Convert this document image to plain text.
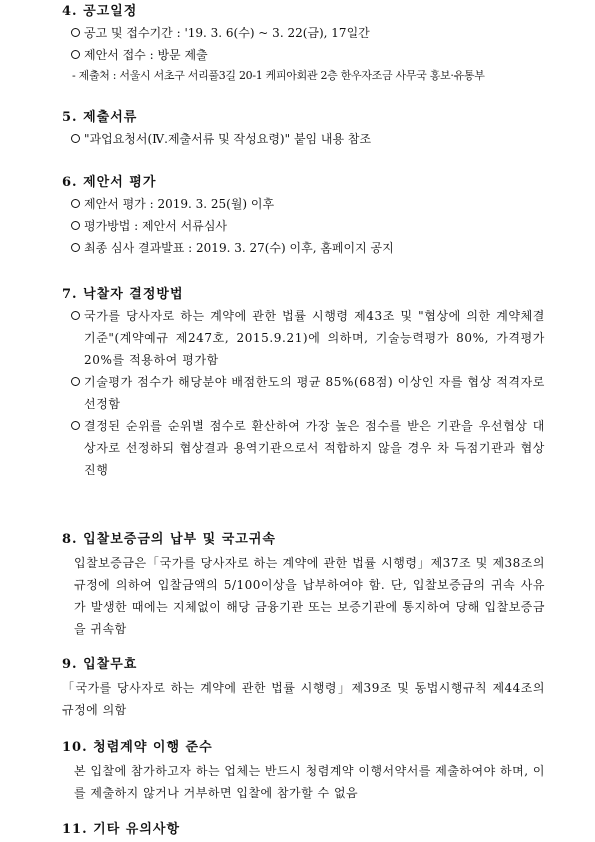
4. 공고일정
공고 및 접수기간 : '19. 3. 6(수) ~ 3. 22(금), 17일간
제안서 접수 : 방문 제출
- 제출처 : 서울시 서초구 서리풀3길 20-1 케피아회관 2층 한우자조금 사무국 홍보·유통부
5. 제출서류
"과업요청서(Ⅳ.제출서류 및 작성요령)" 붙임 내용 참조
6. 제안서 평가
제안서 평가 : 2019. 3. 25(월) 이후
평가방법 : 제안서 서류심사
최종 심사 결과발표 : 2019. 3. 27(수) 이후, 홈페이지 공지
7. 낙찰자 결정방법
국가를 당사자로 하는 계약에 관한 법률 시행령 제43조 및 "협상에 의한 계약체결 기준"(계약예규 제247호, 2015.9.21)에 의하며, 기술능력평가 80%, 가격평가 20%를 적용하여 평가함
기술평가 점수가 해당분야 배점한도의 평균 85%(68점) 이상인 자를 협상 적격자로 선정함
결정된 순위를 순위별 점수로 환산하여 가장 높은 점수를 받은 기관을 우선협상 대상자로 선정하되 협상결과 용역기관으로서 적합하지 않을 경우 차 득점기관과 협상진행
8. 입찰보증금의 납부 및 국고귀속
입찰보증금은「국가를 당사자로 하는 계약에 관한 법률 시행령」제37조 및 제38조의 규정에 의하여 입찰금액의 5/100이상을 납부하여야 함. 단, 입찰보증금의 귀속 사유가 발생한 때에는 지체없이 해당 금융기관 또는 보증기관에 통지하여 당해 입찰보증금을 귀속함
9. 입찰무효
「국가를 당사자로 하는 계약에 관한 법률 시행령」제39조 및 동법시행규칙 제44조의 규정에 의함
10. 청렴계약 이행 준수
본 입찰에 참가하고자 하는 업체는 반드시 청렴계약 이행서약서를 제출하여야 하며, 이를 제출하지 않거나 거부하면 입찰에 참가할 수 없음
11. 기타 유의사항
